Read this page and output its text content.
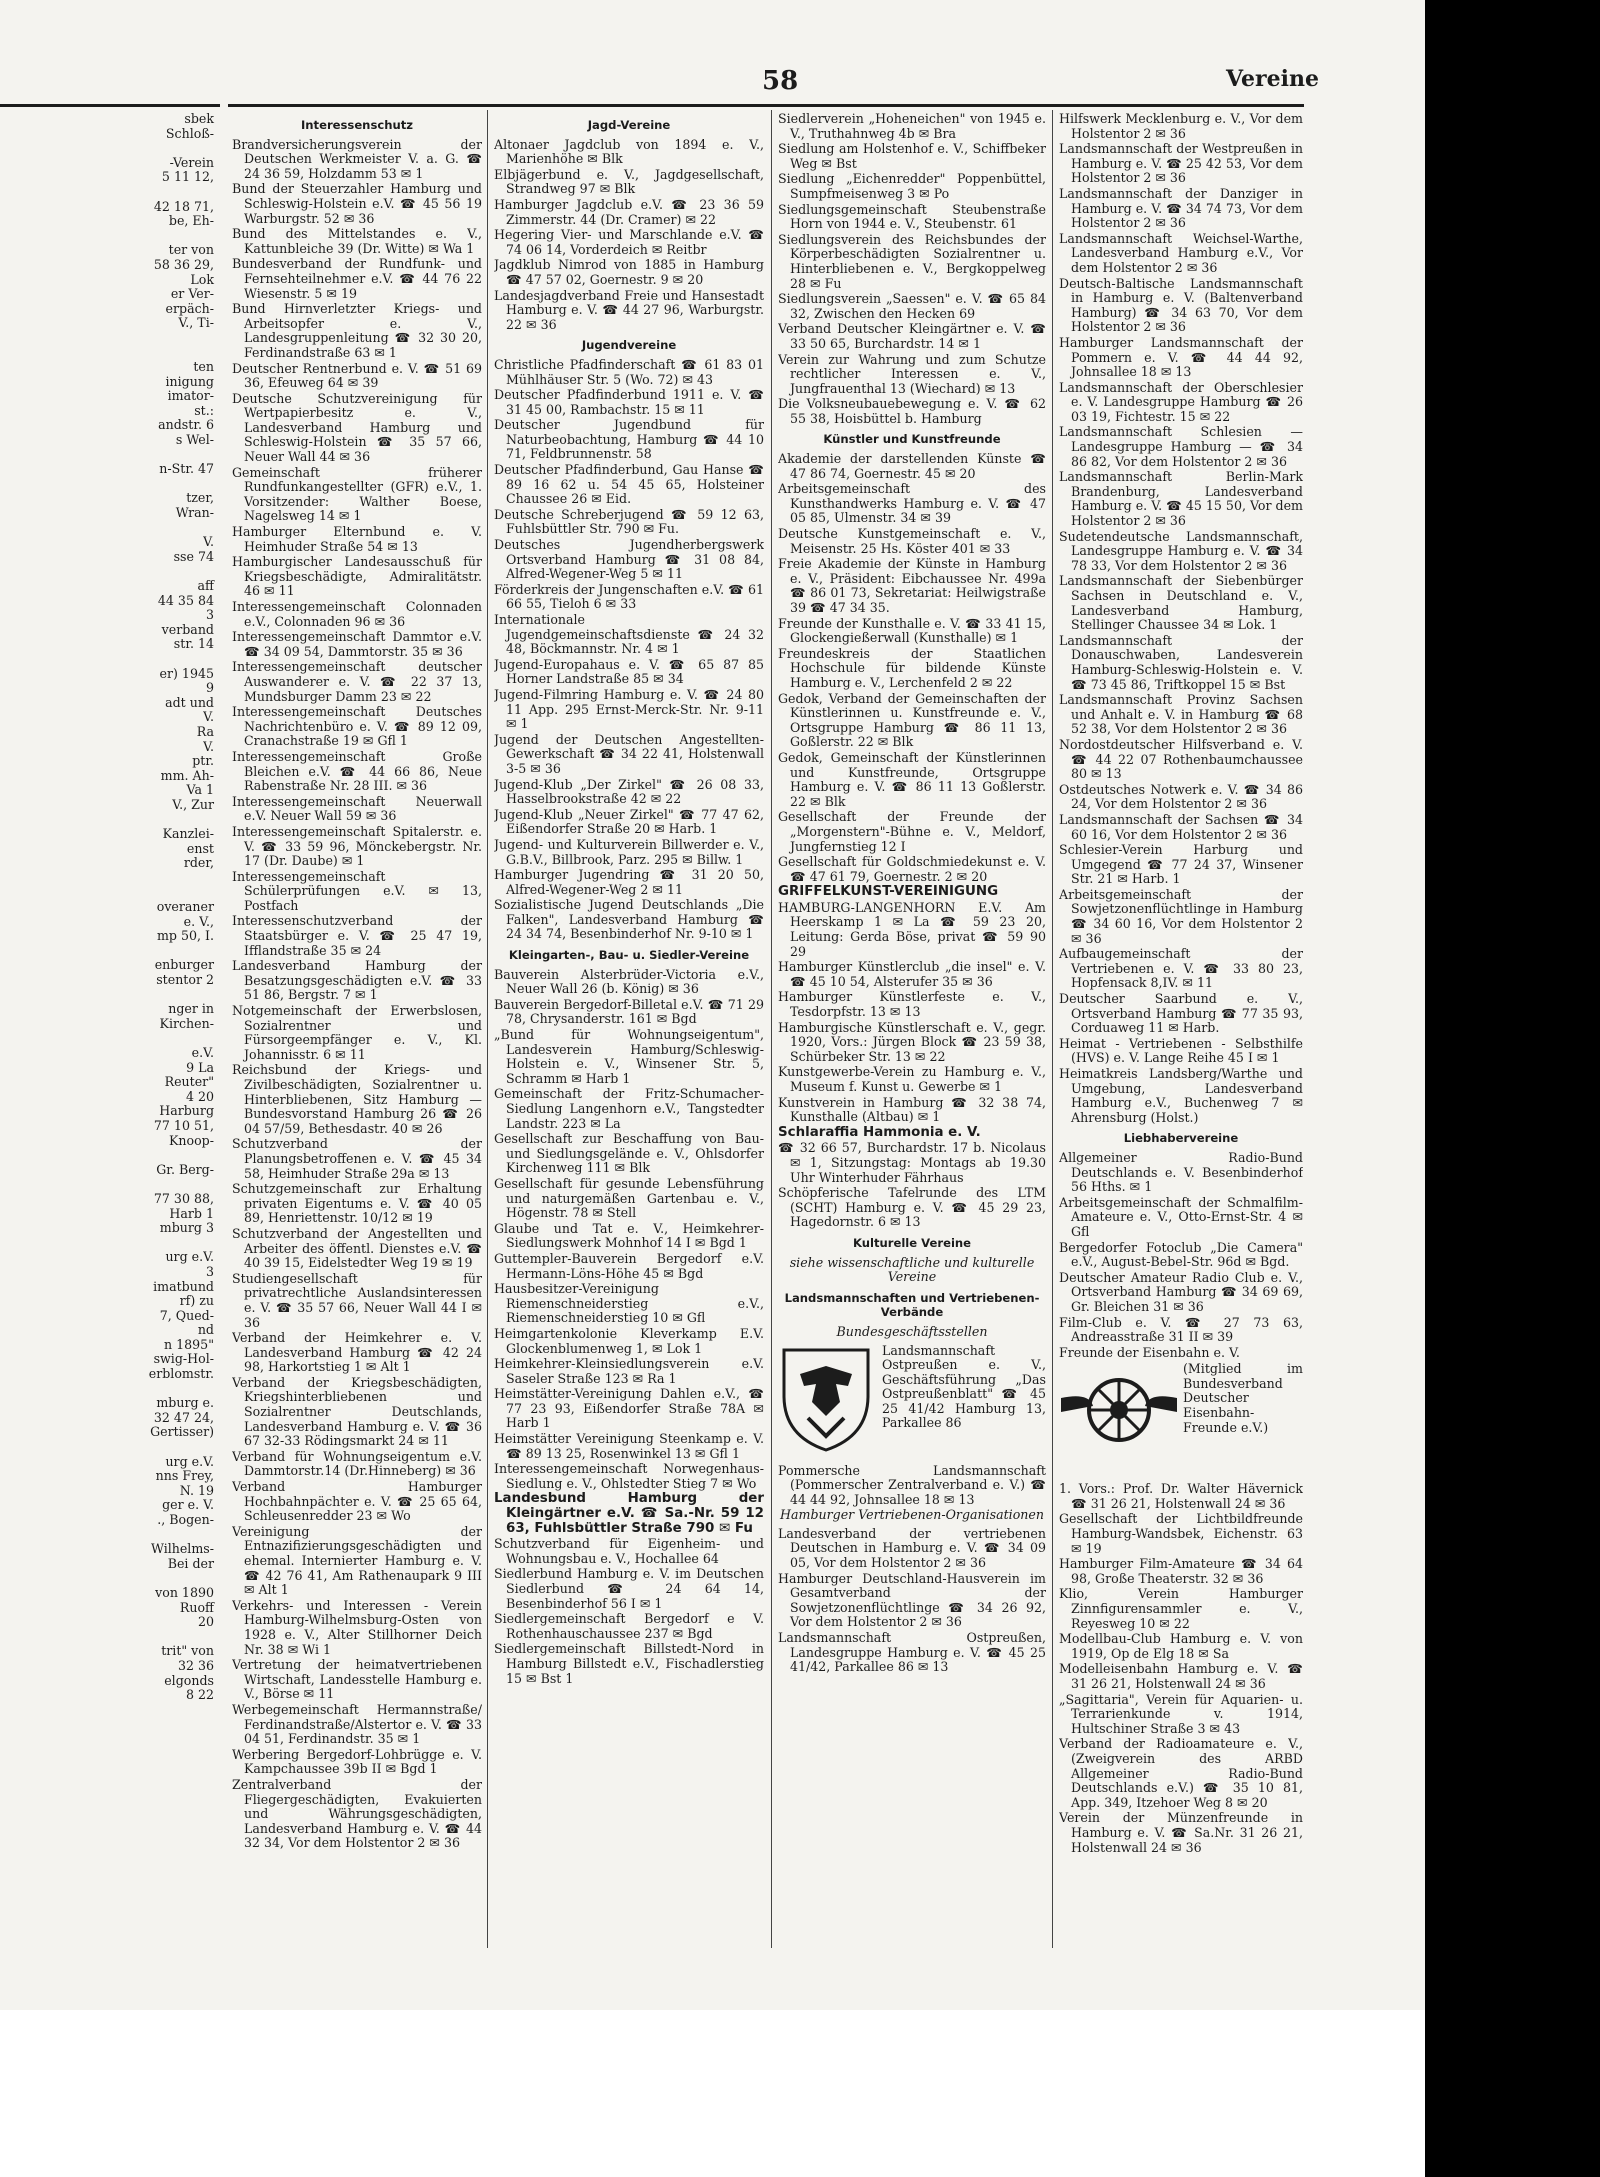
sbek
Schloß-
-Verein
5 11 12,
42 18 71,
be, Eh-
ter von
58 36 29,
Lok
er Ver-
erpäch-
V., Ti-
ten
inigung
imator-
st.:
andstr. 6
s Wel-
n-Str. 47
tzer,
Wran-
V.
sse 74
aff
44 35 84
3
verband
str. 14
er) 1945
9
adt und
V.
Ra
V.
ptr.
mm. Ah-
Va 1
V., Zur
Kanzlei-
enst
rder,
overaner
e. V.,
mp 50, I.
enburger
stentor 2
nger in
Kirchen-
e.V.
9 La
Reuter"
4 20
Harburg
77 10 51,
Knoop-
Gr. Berg-
77 30 88,
Harb 1
mburg 3
urg e.V.
3
imatbund
rf) zu
7, Qued-
nd
n 1895"
swig-Hol-
erblomstr.
mburg e.
32 47 24,
Gertisser)
urg e.V.
nns Frey,
N. 19
ger e. V.
., Bogen-
Wilhelms-
Bei der
von 1890
Ruoff
20
trit" von
32 36
elgonds
8 22
58	Vereine
Interessenschutz
Brandversicherungsverein der Deutschen Werkmeister V. a. G. ☎ 24 36 59, Holzdamm 53 ✉ 1
Bund der Steuerzahler Hamburg und Schleswig-Holstein e.V. ☎ 45 56 19 Warburgstr. 52 ✉ 36
Bund des Mittelstandes e. V., Kattunbleiche 39 (Dr. Witte) ✉ Wa 1
Bundesverband der Rundfunk- und Fernsehteilnehmer e.V. ☎ 44 76 22 Wiesenstr. 5 ✉ 19
Bund Hirnverletzter Kriegs- und Arbeitsopfer e. V., Landesgruppenleitung ☎ 32 30 20, Ferdinandstraße 63 ✉ 1
Deutscher Rentnerbund e. V. ☎ 51 69 36, Efeuweg 64 ✉ 39
Deutsche Schutzvereinigung für Wertpapierbesitz e. V., Landesverband Hamburg und Schleswig-Holstein ☎ 35 57 66, Neuer Wall 44 ✉ 36
Gemeinschaft früherer Rundfunkangestellter (GFR) e.V., 1. Vorsitzender: Walther Boese, Nagelsweg 14 ✉ 1
Hamburger Elternbund e. V. Heimhuder Straße 54 ✉ 13
Hamburgischer Landesausschuß für Kriegsbeschädigte, Admiralitätstr. 46 ✉ 11
Interessengemeinschaft Colonnaden e.V., Colonnaden 96 ✉ 36
Interessengemeinschaft Dammtor e.V. ☎ 34 09 54, Dammtorstr. 35 ✉ 36
Interessengemeinschaft deutscher Auswanderer e. V. ☎ 22 37 13, Mundsburger Damm 23 ✉ 22
Interessengemeinschaft Deutsches Nachrichtenbüro e. V. ☎ 89 12 09, Cranachstraße 19 ✉ Gfl 1
Interessengemeinschaft Große Bleichen e.V. ☎ 44 66 86, Neue Rabenstraße Nr. 28 III. ✉ 36
Interessengemeinschaft Neuerwall e.V. Neuer Wall 59 ✉ 36
Interessengemeinschaft Spitalerstr. e. V. ☎ 33 59 96, Mönckebergstr. Nr. 17 (Dr. Daube) ✉ 1
Interessengemeinschaft Schülerprüfungen e.V. ✉ 13, Postfach
Interessenschutzverband der Staatsbürger e. V. ☎ 25 47 19, Ifflandstraße 35 ✉ 24
Landesverband Hamburg der Besatzungsgeschädigten e.V. ☎ 33 51 86, Bergstr. 7 ✉ 1
Notgemeinschaft der Erwerbslosen, Sozialrentner und Fürsorgeempfänger e. V., Kl. Johannisstr. 6 ✉ 11
Reichsbund der Kriegs- und Zivilbeschädigten, Sozialrentner u. Hinterbliebenen, Sitz Hamburg — Bundesvorstand Hamburg 26 ☎ 26 04 57/59, Bethesdastr. 40 ✉ 26
Schutzverband der Planungsbetroffenen e. V. ☎ 45 34 58, Heimhuder Straße 29a ✉ 13
Schutzgemeinschaft zur Erhaltung privaten Eigentums e. V. ☎ 40 05 89, Henriettenstr. 10/12 ✉ 19
Schutzverband der Angestellten und Arbeiter des öffentl. Dienstes e.V. ☎ 40 39 15, Eidelstedter Weg 19 ✉ 19
Studiengesellschaft für privatrechtliche Auslandsinteressen e. V. ☎ 35 57 66, Neuer Wall 44 I ✉ 36
Verband der Heimkehrer e. V. Landesverband Hamburg ☎ 42 24 98, Harkortstieg 1 ✉ Alt 1
Verband der Kriegsbeschädigten, Kriegshinterbliebenen und Sozialrentner Deutschlands, Landesverband Hamburg e. V. ☎ 36 67 32-33 Rödingsmarkt 24 ✉ 11
Verband für Wohnungseigentum e.V. Dammtorstr.14 (Dr.Hinneberg) ✉ 36
Verband Hamburger Hochbahnpächter e. V. ☎ 25 65 64, Schleusenredder 23 ✉ Wo
Vereinigung der Entnazifizierungsgeschädigten und ehemal. Internierter Hamburg e. V. ☎ 42 76 41, Am Rathenaupark 9 III ✉ Alt 1
Verkehrs- und Interessen - Verein Hamburg-Wilhelmsburg-Osten von 1928 e. V., Alter Stillhorner Deich Nr. 38 ✉ Wi 1
Vertretung der heimatvertriebenen Wirtschaft, Landesstelle Hamburg e. V., Börse ✉ 11
Werbegemeinschaft Hermannstraße/ Ferdinandstraße/Alstertor e. V. ☎ 33 04 51, Ferdinandstr. 35 ✉ 1
Werbering Bergedorf-Lohbrügge e. V. Kampchaussee 39b II ✉ Bgd 1
Zentralverband der Fliegergeschädigten, Evakuierten und Währungsgeschädigten, Landesverband Hamburg e. V. ☎ 44 32 34, Vor dem Holstentor 2 ✉ 36
Jagd-Vereine
Altonaer Jagdclub von 1894 e. V., Marienhöhe ✉ Blk
Elbjägerbund e. V., Jagdgesellschaft, Strandweg 97 ✉ Blk
Hamburger Jagdclub e.V. ☎ 23 36 59 Zimmerstr. 44 (Dr. Cramer) ✉ 22
Hegering Vier- und Marschlande e.V. ☎ 74 06 14, Vorderdeich ✉ Reitbr
Jagdklub Nimrod von 1885 in Hamburg ☎ 47 57 02, Goernestr. 9 ✉ 20
Landesjagdverband Freie und Hansestadt Hamburg e. V. ☎ 44 27 96, Warburgstr. 22 ✉ 36
Jugendvereine
Christliche Pfadfinderschaft ☎ 61 83 01 Mühlhäuser Str. 5 (Wo. 72) ✉ 43
Deutscher Pfadfinderbund 1911 e. V. ☎ 31 45 00, Rambachstr. 15 ✉ 11
Deutscher Jugendbund für Naturbeobachtung, Hamburg ☎ 44 10 71, Feldbrunnenstr. 58
Deutscher Pfadfinderbund, Gau Hanse ☎ 89 16 62 u. 54 45 65, Holsteiner Chaussee 26 ✉ Eid.
Deutsche Schreberjugend ☎ 59 12 63, Fuhlsbüttler Str. 790 ✉ Fu.
Deutsches Jugendherbergswerk Ortsverband Hamburg ☎ 31 08 84, Alfred-Wegener-Weg 5 ✉ 11
Förderkreis der Jungenschaften e.V. ☎ 61 66 55, Tieloh 6 ✉ 33
Internationale Jugendgemeinschaftsdienste ☎ 24 32 48, Böckmannstr. Nr. 4 ✉ 1
Jugend-Europahaus e. V. ☎ 65 87 85 Horner Landstraße 85 ✉ 34
Jugend-Filmring Hamburg e. V. ☎ 24 80 11 App. 295 Ernst-Merck-Str. Nr. 9-11 ✉ 1
Jugend der Deutschen Angestellten-Gewerkschaft ☎ 34 22 41, Holstenwall 3-5 ✉ 36
Jugend-Klub „Der Zirkel" ☎ 26 08 33, Hasselbrookstraße 42 ✉ 22
Jugend-Klub „Neuer Zirkel" ☎ 77 47 62, Eißendorfer Straße 20 ✉ Harb. 1
Jugend- und Kulturverein Billwerder e. V., G.B.V., Billbrook, Parz. 295 ✉ Billw. 1
Hamburger Jugendring ☎ 31 20 50, Alfred-Wegener-Weg 2 ✉ 11
Sozialistische Jugend Deutschlands „Die Falken", Landesverband Hamburg ☎ 24 34 74, Besenbinderhof Nr. 9-10 ✉ 1
Kleingarten-, Bau- u. Siedler-Vereine
Bauverein Alsterbrüder-Victoria e.V., Neuer Wall 26 (b. König) ✉ 36
Bauverein Bergedorf-Billetal e.V. ☎ 71 29 78, Chrysanderstr. 161 ✉ Bgd
„Bund für Wohnungseigentum", Landesverein Hamburg/Schleswig-Holstein e. V., Winsener Str. 5, Schramm ✉ Harb 1
Gemeinschaft der Fritz-Schumacher-Siedlung Langenhorn e.V., Tangstedter Landstr. 223 ✉ La
Gesellschaft zur Beschaffung von Bau- und Siedlungsgelände e. V., Ohlsdorfer Kirchenweg 111 ✉ Blk
Gesellschaft für gesunde Lebensführung und naturgemäßen Gartenbau e. V., Högenstr. 78 ✉ Stell
Glaube und Tat e. V., Heimkehrer-Siedlungswerk Mohnhof 14 I ✉ Bgd 1
Guttempler-Bauverein Bergedorf e.V. Hermann-Löns-Höhe 45 ✉ Bgd
Hausbesitzer-Vereinigung Riemenschneiderstieg e.V., Riemenschneiderstieg 10 ✉ Gfl
Heimgartenkolonie Kleverkamp E.V. Glockenblumenweg 1, ✉ Lok 1
Heimkehrer-Kleinsiedlungsverein e.V. Saseler Straße 123 ✉ Ra 1
Heimstätter-Vereinigung Dahlen e.V., ☎ 77 23 93, Eißendorfer Straße 78A ✉ Harb 1
Heimstätter Vereinigung Steenkamp e. V. ☎ 89 13 25, Rosenwinkel 13 ✉ Gfl 1
Interessengemeinschaft Norwegenhaus-Siedlung e. V., Ohlstedter Stieg 7 ✉ Wo
Landesbund Hamburg der Kleingärtner e.V. ☎ Sa.-Nr. 59 12 63, Fuhlsbüttler Straße 790 ✉ Fu
Schutzverband für Eigenheim- und Wohnungsbau e. V., Hochallee 64
Siedlerbund Hamburg e. V. im Deutschen Siedlerbund ☎ 24 64 14, Besenbinderhof 56 I ✉ 1
Siedlergemeinschaft Bergedorf e V. Rothenhauschaussee 237 ✉ Bgd
Siedlergemeinschaft Billstedt-Nord in Hamburg Billstedt e.V., Fischadlerstieg 15 ✉ Bst 1
Siedlerverein „Hoheneichen" von 1945 e. V., Truthahnweg 4b ✉ Bra
Siedlung am Holstenhof e. V., Schiffbeker Weg ✉ Bst
Siedlung „Eichenredder" Poppenbüttel, Sumpfmeisenweg 3 ✉ Po
Siedlungsgemeinschaft Steubenstraße Horn von 1944 e. V., Steubenstr. 61
Siedlungsverein des Reichsbundes der Körperbeschädigten Sozialrentner u. Hinterbliebenen e. V., Bergkoppelweg 28 ✉ Fu
Siedlungsverein „Saessen" e. V. ☎ 65 84 32, Zwischen den Hecken 69
Verband Deutscher Kleingärtner e. V. ☎ 33 50 65, Burchardstr. 14 ✉ 1
Verein zur Wahrung und zum Schutze rechtlicher Interessen e. V., Jungfrauenthal 13 (Wiechard) ✉ 13
Die Volksneubauebewegung e. V. ☎ 62 55 38, Hoisbüttel b. Hamburg
Künstler und Kunstfreunde
Akademie der darstellenden Künste ☎ 47 86 74, Goernestr. 45 ✉ 20
Arbeitsgemeinschaft des Kunsthandwerks Hamburg e. V. ☎ 47 05 85, Ulmenstr. 34 ✉ 39
Deutsche Kunstgemeinschaft e. V., Meisenstr. 25 Hs. Köster 401 ✉ 33
Freie Akademie der Künste in Hamburg e. V., Präsident: Eibchaussee Nr. 499a ☎ 86 01 73, Sekretariat: Heilwigstraße 39 ☎ 47 34 35.
Freunde der Kunsthalle e. V. ☎ 33 41 15, Glockengießerwall (Kunsthalle) ✉ 1
Freundeskreis der Staatlichen Hochschule für bildende Künste Hamburg e. V., Lerchenfeld 2 ✉ 22
Gedok, Verband der Gemeinschaften der Künstlerinnen u. Kunstfreunde e. V., Ortsgruppe Hamburg ☎ 86 11 13, Goßlerstr. 22 ✉ Blk
Gedok, Gemeinschaft der Künstlerinnen und Kunstfreunde, Ortsgruppe Hamburg e. V. ☎ 86 11 13 Goßlerstr. 22 ✉ Blk
Gesellschaft der Freunde der „Morgenstern"-Bühne e. V., Meldorf, Jungfernstieg 12 I
Gesellschaft für Goldschmiedekunst e. V. ☎ 47 61 79, Goernestr. 2 ✉ 20
GRIFFELKUNST-VEREINIGUNG
HAMBURG-LANGENHORN E.V. Am Heerskamp 1 ✉ La ☎ 59 23 20, Leitung: Gerda Böse, privat ☎ 59 90 29
Hamburger Künstlerclub „die insel" e. V. ☎ 45 10 54, Alsterufer 35 ✉ 36
Hamburger Künstlerfeste e. V., Tesdorpfstr. 13 ✉ 13
Hamburgische Künstlerschaft e. V., gegr. 1920, Vors.: Jürgen Block ☎ 23 59 38, Schürbeker Str. 13 ✉ 22
Kunstgewerbe-Verein zu Hamburg e. V., Museum f. Kunst u. Gewerbe ✉ 1
Kunstverein in Hamburg ☎ 32 38 74, Kunsthalle (Altbau) ✉ 1
Schlaraffia Hammonia e. V.
☎ 32 66 57, Burchardstr. 17 b. Nicolaus ✉ 1, Sitzungstag: Montags ab 19.30 Uhr Winterhuder Fährhaus
Schöpferische Tafelrunde des LTM (SCHT) Hamburg e. V. ☎ 45 29 23, Hagedornstr. 6 ✉ 13
Kulturelle Vereine
siehe wissenschaftliche und kulturelle Vereine
Landsmannschaften und Vertriebenen-Verbände
Bundesgeschäftsstellen
Landsmannschaft Ostpreußen e. V., Geschäftsführung „Das Ostpreußenblatt" ☎ 45 25 41/42 Hamburg 13, Parkallee 86
Pommersche Landsmannschaft (Pommerscher Zentralverband e. V.) ☎ 44 44 92, Johnsallee 18 ✉ 13
Hamburger Vertriebenen-Organisationen
Landesverband der vertriebenen Deutschen in Hamburg e. V. ☎ 34 09 05, Vor dem Holstentor 2 ✉ 36
Hamburger Deutschland-Hausverein im Gesamtverband der Sowjetzonenflüchtlinge ☎ 34 26 92, Vor dem Holstentor 2 ✉ 36
Landsmannschaft Ostpreußen, Landesgruppe Hamburg e. V. ☎ 45 25 41/42, Parkallee 86 ✉ 13
Hilfswerk Mecklenburg e. V., Vor dem Holstentor 2 ✉ 36
Landsmannschaft der Westpreußen in Hamburg e. V. ☎ 25 42 53, Vor dem Holstentor 2 ✉ 36
Landsmannschaft der Danziger in Hamburg e. V. ☎ 34 74 73, Vor dem Holstentor 2 ✉ 36
Landsmannschaft Weichsel-Warthe, Landesverband Hamburg e.V., Vor dem Holstentor 2 ✉ 36
Deutsch-Baltische Landsmannschaft in Hamburg e. V. (Baltenverband Hamburg) ☎ 34 63 70, Vor dem Holstentor 2 ✉ 36
Hamburger Landsmannschaft der Pommern e. V. ☎ 44 44 92, Johnsallee 18 ✉ 13
Landsmannschaft der Oberschlesier e. V. Landesgruppe Hamburg ☎ 26 03 19, Fichtestr. 15 ✉ 22
Landsmannschaft Schlesien — Landesgruppe Hamburg — ☎ 34 86 82, Vor dem Holstentor 2 ✉ 36
Landsmannschaft Berlin-Mark Brandenburg, Landesverband Hamburg e. V. ☎ 45 15 50, Vor dem Holstentor 2 ✉ 36
Sudetendeutsche Landsmannschaft, Landesgruppe Hamburg e. V. ☎ 34 78 33, Vor dem Holstentor 2 ✉ 36
Landsmannschaft der Siebenbürger Sachsen in Deutschland e. V., Landesverband Hamburg, Stellinger Chaussee 34 ✉ Lok. 1
Landsmannschaft der Donauschwaben, Landesverein Hamburg-Schleswig-Holstein e. V. ☎ 73 45 86, Triftkoppel 15 ✉ Bst
Landsmannschaft Provinz Sachsen und Anhalt e. V. in Hamburg ☎ 68 52 38, Vor dem Holstentor 2 ✉ 36
Nordostdeutscher Hilfsverband e. V. ☎ 44 22 07 Rothenbaumchaussee 80 ✉ 13
Ostdeutsches Notwerk e. V. ☎ 34 86 24, Vor dem Holstentor 2 ✉ 36
Landsmannschaft der Sachsen ☎ 34 60 16, Vor dem Holstentor 2 ✉ 36
Schlesier-Verein Harburg und Umgegend ☎ 77 24 37, Winsener Str. 21 ✉ Harb. 1
Arbeitsgemeinschaft der Sowjetzonenflüchtlinge in Hamburg ☎ 34 60 16, Vor dem Holstentor 2 ✉ 36
Aufbaugemeinschaft der Vertriebenen e. V. ☎ 33 80 23, Hopfensack 8,IV. ✉ 11
Deutscher Saarbund e. V., Ortsverband Hamburg ☎ 77 35 93, Corduaweg 11 ✉ Harb.
Heimat - Vertriebenen - Selbsthilfe (HVS) e. V. Lange Reihe 45 I ✉ 1
Heimatkreis Landsberg/Warthe und Umgebung, Landesverband Hamburg e.V., Buchenweg 7 ✉ Ahrensburg (Holst.)
Liebhabervereine
Allgemeiner Radio-Bund Deutschlands e. V. Besenbinderhof 56 Hths. ✉ 1
Arbeitsgemeinschaft der Schmalfilm-Amateure e. V., Otto-Ernst-Str. 4 ✉ Gfl
Bergedorfer Fotoclub „Die Camera" e.V., August-Bebel-Str. 96d ✉ Bgd.
Deutscher Amateur Radio Club e. V., Ortsverband Hamburg ☎ 34 69 69, Gr. Bleichen 31 ✉ 36
Film-Club e. V. ☎ 27 73 63, Andreasstraße 31 II ✉ 39
Freunde der Eisenbahn e. V.
(Mitglied im Bundesverband Deutscher Eisenbahn-Freunde e.V.)
1. Vors.: Prof. Dr. Walter Hävernick ☎ 31 26 21, Holstenwall 24 ✉ 36
Gesellschaft der Lichtbildfreunde Hamburg-Wandsbek, Eichenstr. 63 ✉ 19
Hamburger Film-Amateure ☎ 34 64 98, Große Theaterstr. 32 ✉ 36
Klio, Verein Hamburger Zinnfigurensammler e. V., Reyesweg 10 ✉ 22
Modellbau-Club Hamburg e. V. von 1919, Op de Elg 18 ✉ Sa
Modelleisenbahn Hamburg e. V. ☎ 31 26 21, Holstenwall 24 ✉ 36
„Sagittaria", Verein für Aquarien- u. Terrarienkunde v. 1914, Hultschiner Straße 3 ✉ 43
Verband der Radioamateure e. V., (Zweigverein des ARBD Allgemeiner Radio-Bund Deutschlands e.V.) ☎ 35 10 81, App. 349, Itzehoer Weg 8 ✉ 20
Verein der Münzenfreunde in Hamburg e. V. ☎ Sa.Nr. 31 26 21, Holstenwall 24 ✉ 36
